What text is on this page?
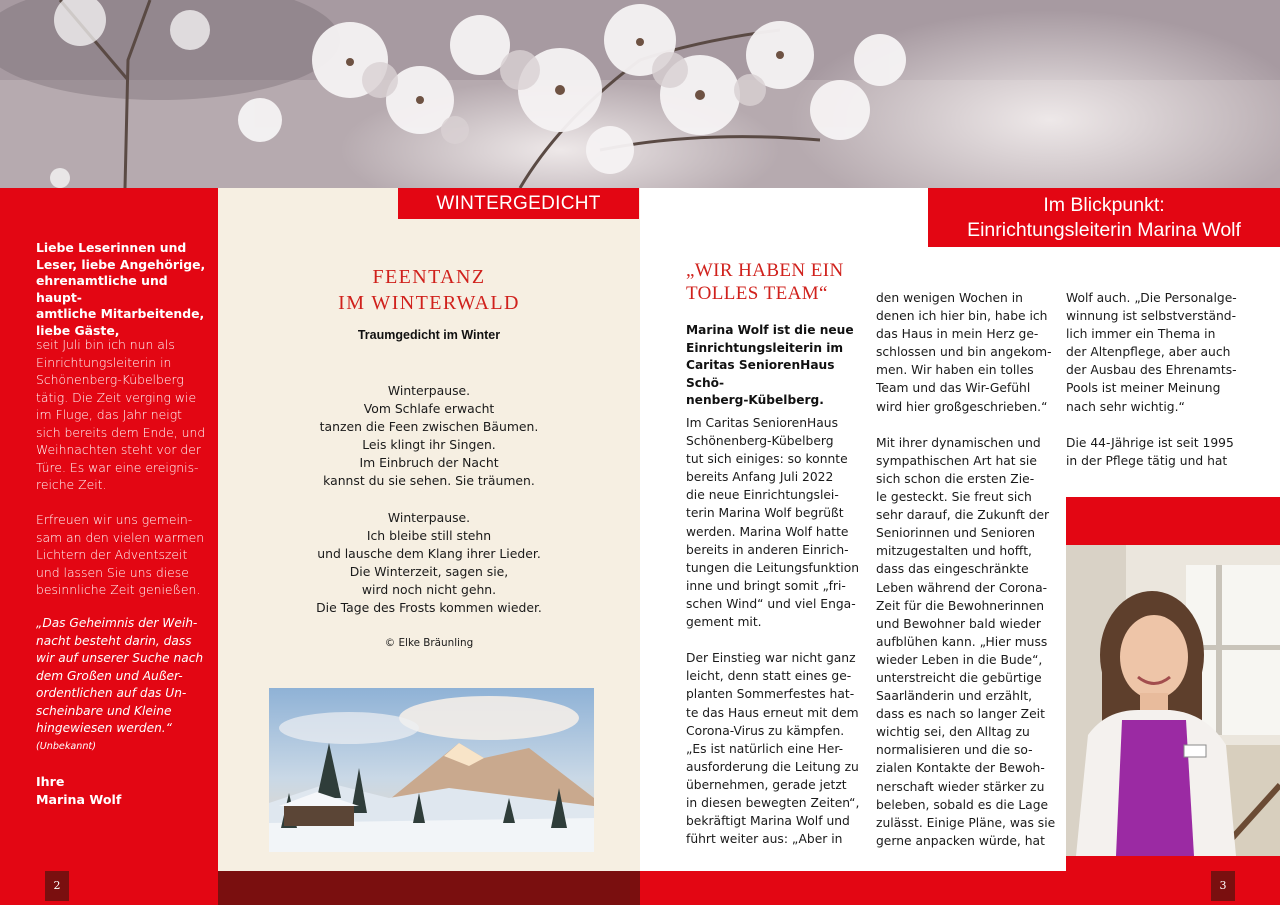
Liebe Leserinnen und
Leser, liebe Angehörige,
ehrenamtliche und haupt-
amtliche Mitarbeitende,
liebe Gäste,
seit Juli bin ich nun als
Einrichtungsleiterin in
Schönenberg-Kübelberg
tätig. Die Zeit verging wie
im Fluge, das Jahr neigt
sich bereits dem Ende, und
Weihnachten steht vor der
Türe. Es war eine ereignis-
reiche Zeit.
Erfreuen wir uns gemein-
sam an den vielen warmen
Lichtern der Adventszeit
und lassen Sie uns diese
besinnliche Zeit genießen.
„Das Geheimnis der Weih-
nacht besteht darin, dass
wir auf unserer Suche nach
dem Großen und Außer-
ordentlichen auf das Un-
scheinbare und Kleine
hingewiesen werden.“
(Unbekannt)
Ihre
Marina Wolf
2
WINTERGEDICHT
FEENTANZ
IM WINTERWALD
Traumgedicht im Winter
Winterpause.
Vom Schlafe erwacht
tanzen die Feen zwischen Bäumen.
Leis klingt ihr Singen.
Im Einbruch der Nacht
kannst du sie sehen. Sie träumen.
Winterpause.
Ich bleibe still stehn
und lausche dem Klang ihrer Lieder.
Die Winterzeit, sagen sie,
wird noch nicht gehn.
Die Tage des Frosts kommen wieder.
© Elke Bräunling
Im Blickpunkt:
Einrichtungsleiterin Marina Wolf
„WIR HABEN EIN
TOLLES TEAM“
Marina Wolf ist die neue
Einrichtungsleiterin im
Caritas SeniorenHaus Schö-
nenberg-Kübelberg.
Im Caritas SeniorenHaus
Schönenberg-Kübelberg
tut sich einiges: so konnte
bereits Anfang Juli 2022
die neue Einrichtungslei-
terin Marina Wolf begrüßt
werden. Marina Wolf hatte
bereits in anderen Einrich-
tungen die Leitungsfunktion
inne und bringt somit „fri-
schen Wind“ und viel Enga-
gement mit.
Der Einstieg war nicht ganz
leicht, denn statt eines ge-
planten Sommerfestes hat-
te das Haus erneut mit dem
Corona-Virus zu kämpfen.
„Es ist natürlich eine Her-
ausforderung die Leitung zu
übernehmen, gerade jetzt
in diesen bewegten Zeiten“,
bekräftigt Marina Wolf und
führt weiter aus: „Aber in
den wenigen Wochen in
denen ich hier bin, habe ich
das Haus in mein Herz ge-
schlossen und bin angekom-
men. Wir haben ein tolles
Team und das Wir-Gefühl
wird hier großgeschrieben.“
Mit ihrer dynamischen und
sympathischen Art hat sie
sich schon die ersten Zie-
le gesteckt. Sie freut sich
sehr darauf, die Zukunft der
Seniorinnen und Senioren
mitzugestalten und hofft,
dass das eingeschränkte
Leben während der Corona-
Zeit für die Bewohnerinnen
und Bewohner bald wieder
aufblühen kann. „Hier muss
wieder Leben in die Bude“,
unterstreicht die gebürtige
Saarländerin und erzählt,
dass es nach so langer Zeit
wichtig sei, den Alltag zu
normalisieren und die so-
zialen Kontakte der Bewoh-
nerschaft wieder stärker zu
beleben, sobald es die Lage
zulässt. Einige Pläne, was sie
gerne anpacken würde, hat
Wolf auch. „Die Personalge-
winnung ist selbstverständ-
lich immer ein Thema in
der Altenpflege, aber auch
der Ausbau des Ehrenamts-
Pools ist meiner Meinung
nach sehr wichtig.“
Die 44-Jährige ist seit 1995
in der Pflege tätig und hat
3
